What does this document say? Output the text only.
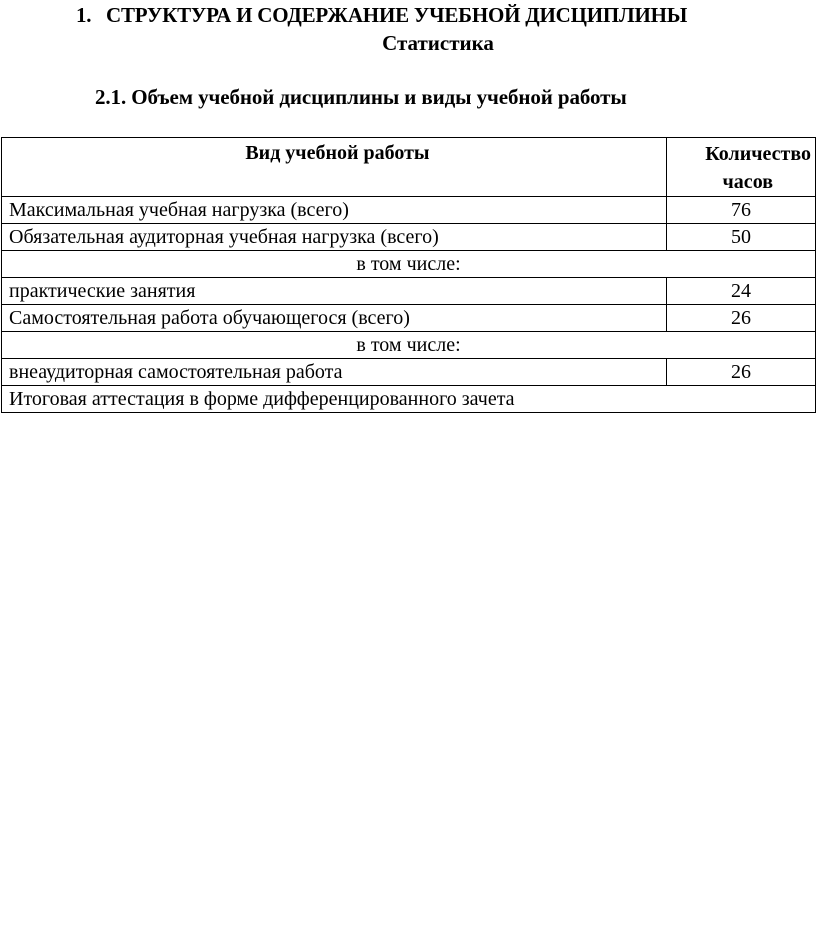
1. СТРУКТУРА И СОДЕРЖАНИЕ УЧЕБНОЙ ДИСЦИПЛИНЫ
Статистика
2.1. Объем учебной дисциплины и виды учебной работы
Вид учебной работы	Количество
часов

Максимальная учебная нагрузка (всего)	76
Обязательная аудиторная учебная нагрузка (всего)	50
в том числе:	
практические занятия	24
Самостоятельная работа обучающегося (всего)	26
в том числе:	
внеаудиторная самостоятельная работа	26
Итоговая аттестация в форме дифференцированного зачета	
